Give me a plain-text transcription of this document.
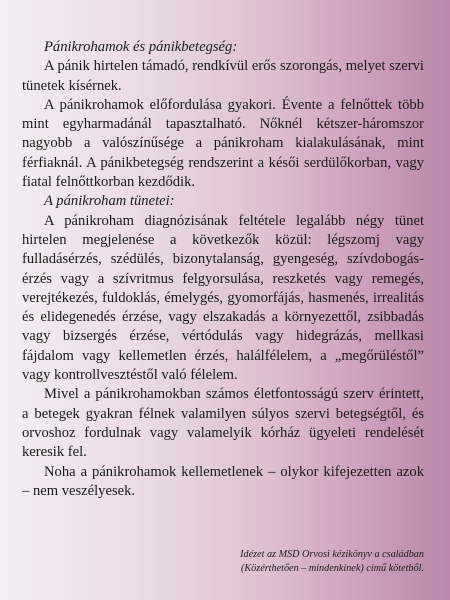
Pánikrohamok és pánikbetegség:

A pánik hirtelen támadó, rendkívül erős szorongás, melyet szervi tünetek kísérnek.

A pánikrohamok előfordulása gyakori. Évente a felnőttek több mint egyharmadánál tapasztalható. Nőknél kétszer-háromszor nagyobb a valószínűsége a pánikroham kialakulásának, mint férfiaknál. A pánikbetegség rendszerint a késői serdülőkorban, vagy fiatal felnőttkorban kezdődik.

A pánikroham tünetei:

A pánikroham diagnózisának feltétele legalább négy tünet hirtelen megjelenése a következők közül: légszomj vagy fulladásérzés, szédülés, bizonytalanság, gyengeség, szívdobogás-érzés vagy a szívritmus felgyorsulása, reszketés vagy remegés, verejtékezés, fuldoklás, émelygés, gyomorfájás, hasmenés, irrealitás és elidegenedés érzése, vagy elszakadás a környezettől, zsibbadás vagy bizsergés érzése, vértódulás vagy hidegrázás, mellkasi fájdalom vagy kellemetlen érzés, halálfélelem, a „megőrüléstől” vagy kontrollvesztéstől való félelem.

Mivel a pánikrohamokban számos életfontosságú szerv érintett, a betegek gyakran félnek valamilyen súlyos szervi betegségtől, és orvoshoz fordulnak vagy valamelyik kórház ügyeleti rendelését keresik fel.

Noha a pánikrohamok kellemetlenek – olykor kifejezetten azok – nem veszélyesek.

Idézet az MSD Orvosi kézikönyv a családban
(Közérthetően – mindenkinek) című kötetből.
